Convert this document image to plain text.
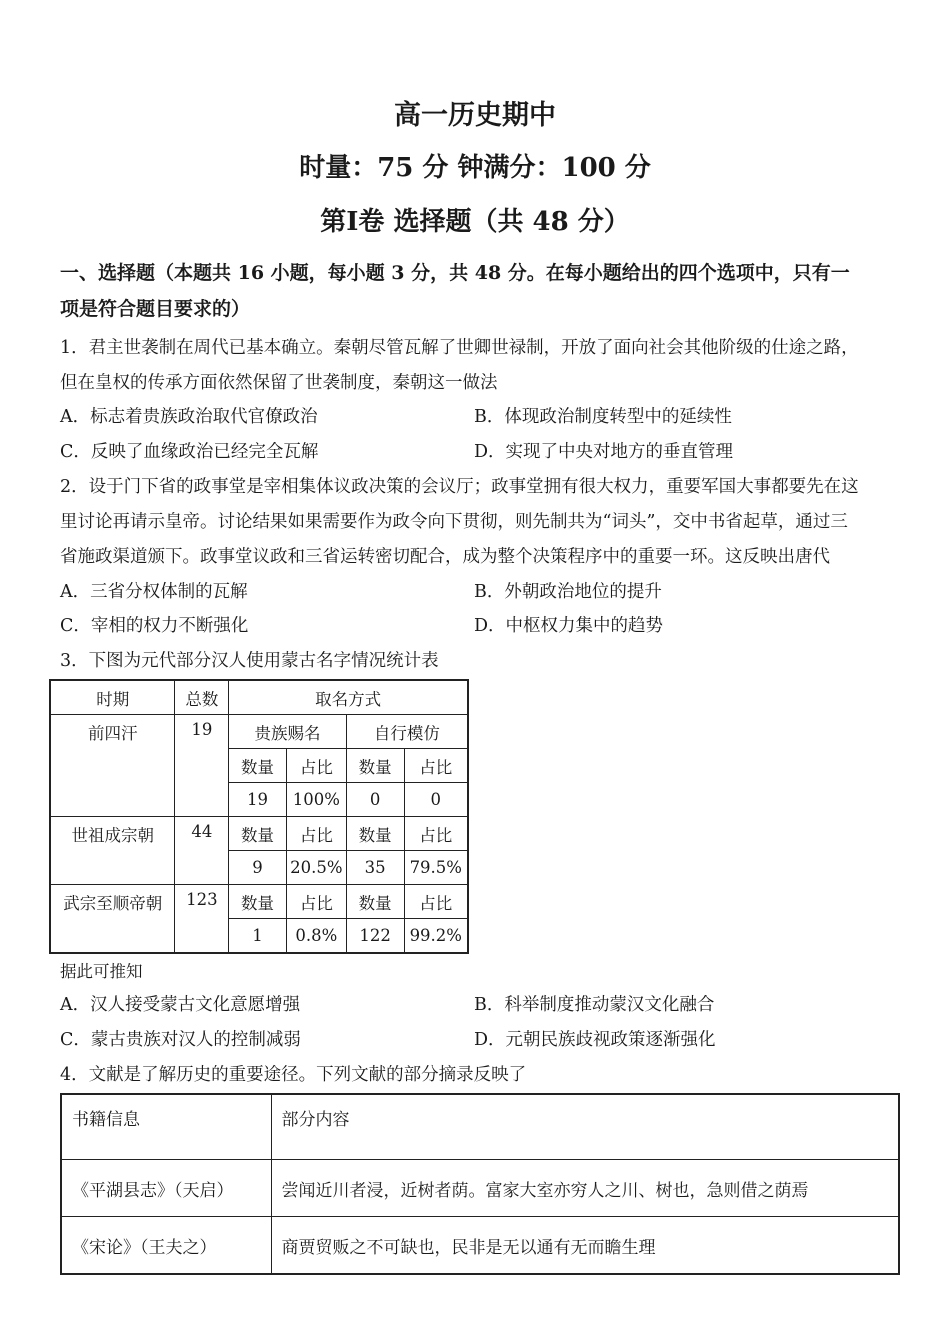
高一历史期中
时量：75 分 钟满分：100 分
第Ⅰ卷 选择题（共 48 分）
一、选择题（本题共 16 小题，每小题 3 分，共 48 分。在每小题给出的四个选项中，只有一
项是符合题目要求的）
1．君主世袭制在周代已基本确立。秦朝尽管瓦解了世卿世禄制，开放了面向社会其他阶级的仕途之路，
但在皇权的传承方面依然保留了世袭制度，秦朝这一做法
A．标志着贵族政治取代官僚政治	B．体现政治制度转型中的延续性
C．反映了血缘政治已经完全瓦解	D．实现了中央对地方的垂直管理
2．设于门下省的政事堂是宰相集体议政决策的会议厅；政事堂拥有很大权力，重要军国大事都要先在这
里讨论再请示皇帝。讨论结果如果需要作为政令向下贯彻，则先制共为“词头”，交中书省起草，通过三
省施政渠道颁下。政事堂议政和三省运转密切配合，成为整个决策程序中的重要一环。这反映出唐代
A．三省分权体制的瓦解	B．外朝政治地位的提升
C．宰相的权力不断强化	D．中枢权力集中的趋势
3．下图为元代部分汉人使用蒙古名字情况统计表
时期	总数	取名方式			
前四汗	19	贵族赐名		自行模仿	
		数量	占比	数量	占比
		19	100%	0	0
世祖成宗朝	44	数量	占比	数量	占比
		9	20.5%	35	79.5%
武宗至顺帝朝	123	数量	占比	数量	占比
		1	0.8%	122	99.2%
据此可推知
A．汉人接受蒙古文化意愿增强	B．科举制度推动蒙汉文化融合
C．蒙古贵族对汉人的控制减弱	D．元朝民族歧视政策逐渐强化
4．文献是了解历史的重要途径。下列文献的部分摘录反映了
书籍信息	部分内容
《平湖县志》（天启）	尝闻近川者浸，近树者荫。富家大室亦穷人之川、树也，急则借之荫焉
《宋论》（王夫之）	商贾贸贩之不可缺也，民非是无以通有无而瞻生理
